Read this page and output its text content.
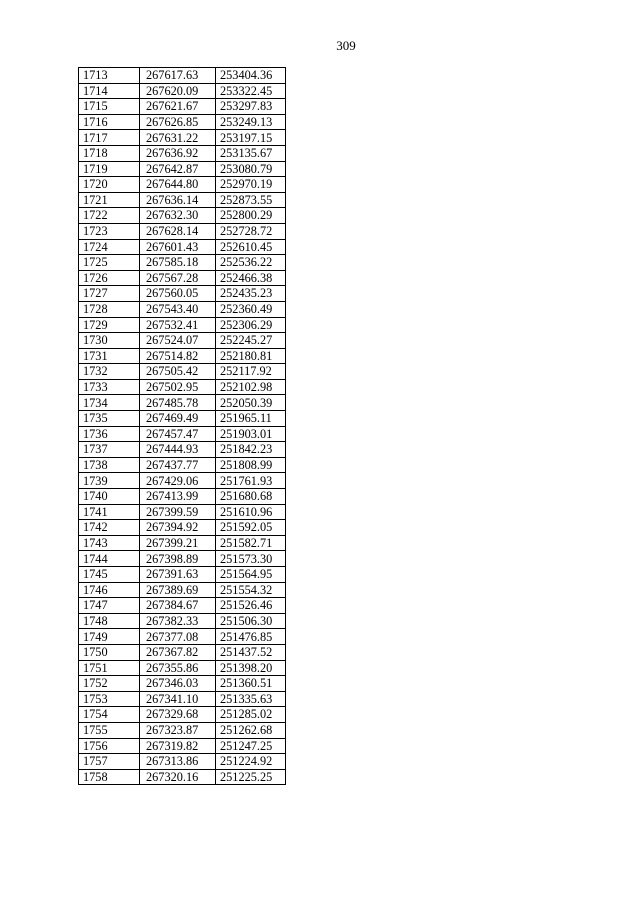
309
1713	267617.63	253404.36
1714	267620.09	253322.45
1715	267621.67	253297.83
1716	267626.85	253249.13
1717	267631.22	253197.15
1718	267636.92	253135.67
1719	267642.87	253080.79
1720	267644.80	252970.19
1721	267636.14	252873.55
1722	267632.30	252800.29
1723	267628.14	252728.72
1724	267601.43	252610.45
1725	267585.18	252536.22
1726	267567.28	252466.38
1727	267560.05	252435.23
1728	267543.40	252360.49
1729	267532.41	252306.29
1730	267524.07	252245.27
1731	267514.82	252180.81
1732	267505.42	252117.92
1733	267502.95	252102.98
1734	267485.78	252050.39
1735	267469.49	251965.11
1736	267457.47	251903.01
1737	267444.93	251842.23
1738	267437.77	251808.99
1739	267429.06	251761.93
1740	267413.99	251680.68
1741	267399.59	251610.96
1742	267394.92	251592.05
1743	267399.21	251582.71
1744	267398.89	251573.30
1745	267391.63	251564.95
1746	267389.69	251554.32
1747	267384.67	251526.46
1748	267382.33	251506.30
1749	267377.08	251476.85
1750	267367.82	251437.52
1751	267355.86	251398.20
1752	267346.03	251360.51
1753	267341.10	251335.63
1754	267329.68	251285.02
1755	267323.87	251262.68
1756	267319.82	251247.25
1757	267313.86	251224.92
1758	267320.16	251225.25
